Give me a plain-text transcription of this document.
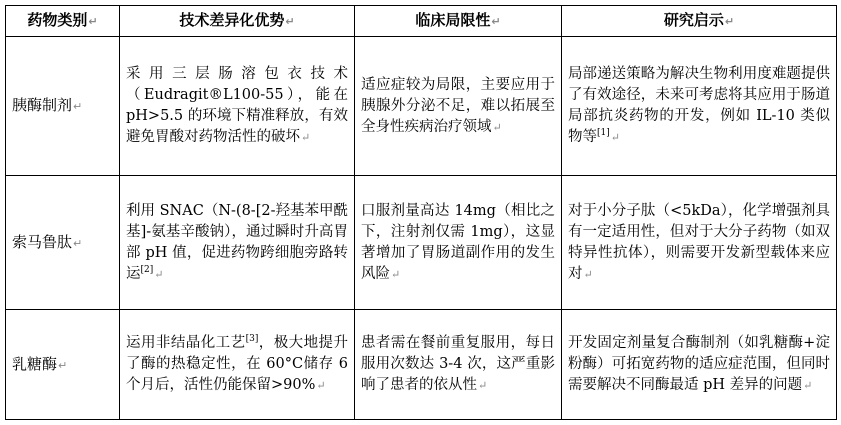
药物类别↵	技术差异化优势↵	临床局限性↵	研究启示↵
胰酶制剂↵	采用三层肠溶包衣技术（Eudragit®L100-55），能在 pH>5.5 的环境下精准释放，有效避免胃酸对药物活性的破坏↵	适应症较为局限，主要应用于胰腺外分泌不足，难以拓展至全身性疾病治疗领域↵	局部递送策略为解决生物利用度难题提供了有效途径，未来可考虑将其应用于肠道局部抗炎药物的开发，例如 IL-10 类似物等[1]↵
索马鲁肽↵	利用 SNAC（N-(8-[2-羟基苯甲酰基]-氨基辛酸钠），通过瞬时升高胃部 pH 值，促进药物跨细胞旁路转运[2]↵	口服剂量高达 14mg（相比之下，注射剂仅需 1mg），这显著增加了胃肠道副作用的发生风险↵	对于小分子肽（<5kDa），化学增强剂具有一定适用性，但对于大分子药物（如双特异性抗体），则需要开发新型载体来应对↵
乳糖酶↵	运用非结晶化工艺[3]，极大地提升了酶的热稳定性，在 60°C储存 6 个月后，活性仍能保留>90%↵	患者需在餐前重复服用，每日服用次数达 3-4 次，这严重影响了患者的依从性↵	开发固定剂量复合酶制剂（如乳糖酶+淀粉酶）可拓宽药物的适应症范围，但同时需要解决不同酶最适 pH 差异的问题↵
